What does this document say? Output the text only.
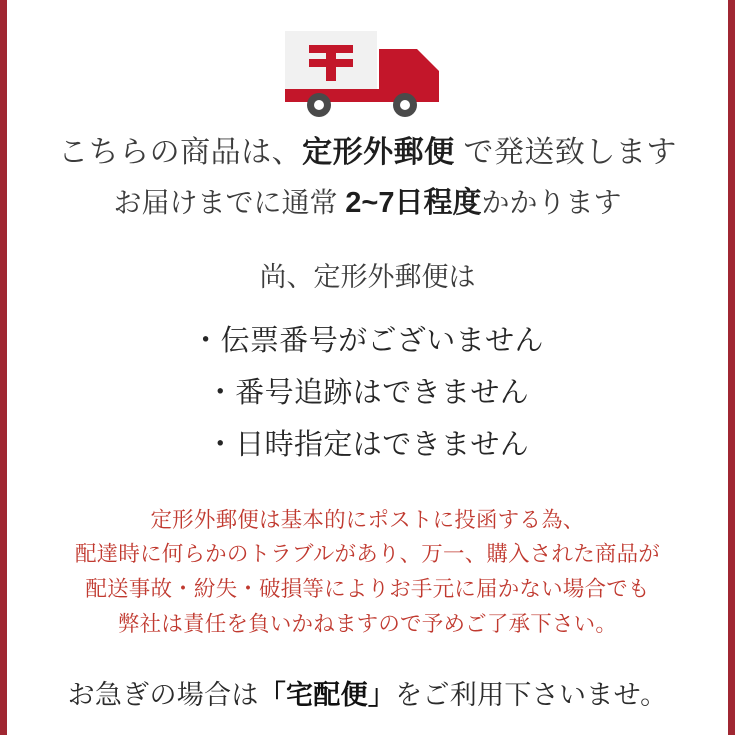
こちらの商品は、定形外郵便 で発送致します
お届けまでに通常 2~7日程度かかります
尚、定形外郵便は
・伝票番号がございません
・番号追跡はできません
・日時指定はできません
定形外郵便は基本的にポストに投函する為、
配達時に何らかのトラブルがあり、万一、購入された商品が
配送事故・紛失・破損等によりお手元に届かない場合でも
弊社は責任を負いかねますので予めご了承下さい。
お急ぎの場合は「宅配便」をご利用下さいませ。
